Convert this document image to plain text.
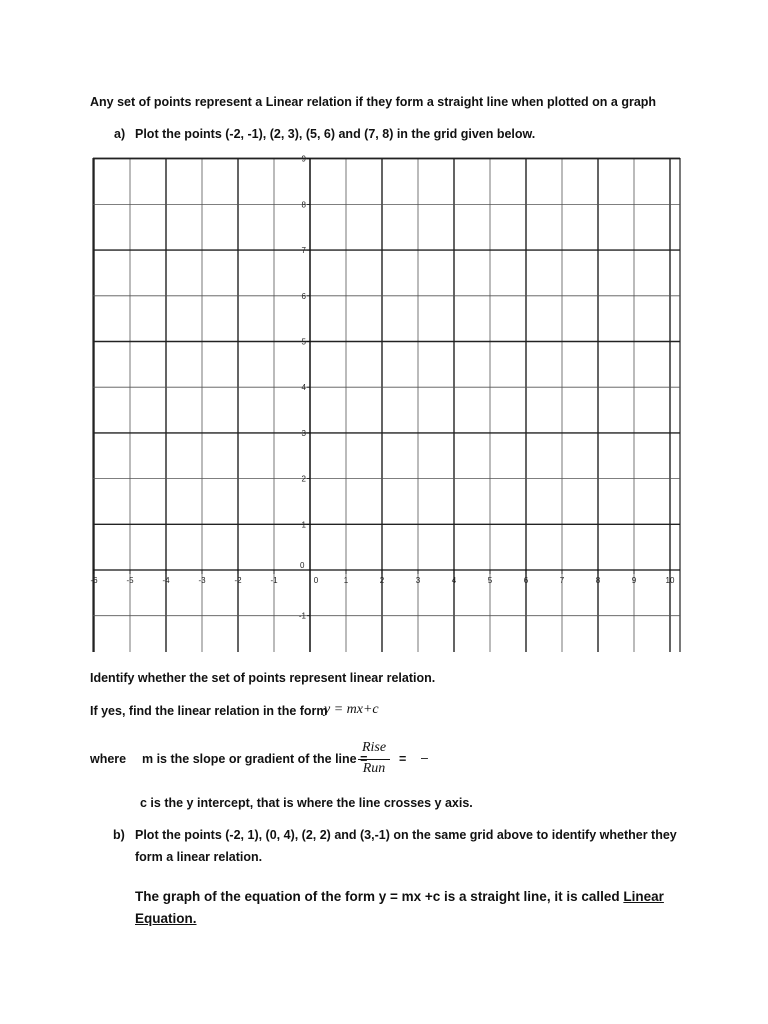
Any set of points represent a Linear relation if they form a straight line when plotted on a graph
a) Plot the points (-2, -1), (2, 3), (5, 6) and (7, 8) in the grid given below.
-6	-5	-4	-3	-2	-1	0	1	2	3	4	5	6	7	8	9	10
9
8
7
6
5
4
3
2
1
0
-1
Identify whether the set of points represent linear relation.
If yes, find the linear relation in the form
y = mx+c
where m is the slope or gradient of the line =
Rise
Run
= –
c is the y intercept, that is where the line crosses y axis.
b) Plot the points (-2, 1), (0, 4), (2, 2) and (3,-1) on the same grid above to identify whether they
form a linear relation.
The graph of the equation of the form y = mx +c is a straight line, it is called Linear
Equation.
